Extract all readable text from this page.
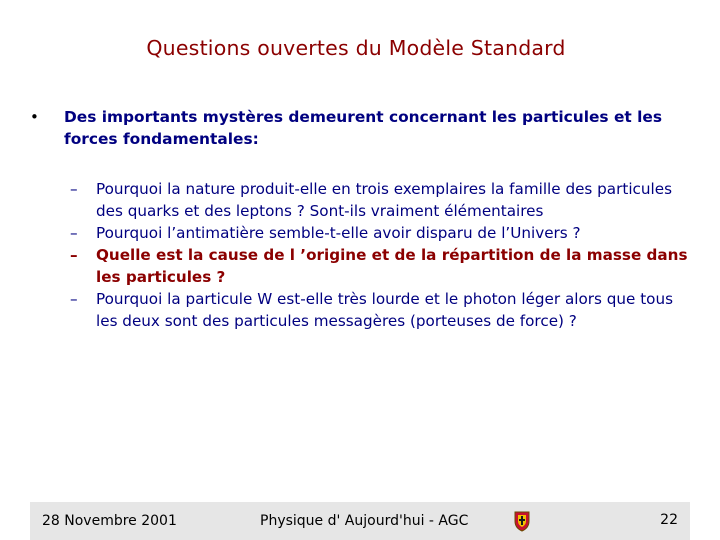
Questions ouvertes du Modèle Standard
• Des importants mystères demeurent concernant les particules et les forces fondamentales:
– Pourquoi la nature produit-elle en trois exemplaires la famille des particules des quarks et des leptons ? Sont-ils vraiment élémentaires
– Pourquoi l’antimatière semble-t-elle avoir disparu de l’Univers ?
– Quelle est la cause de l ’origine et de la répartition de la masse dans les particules ?
– Pourquoi la particule W est-elle très lourde et le photon léger alors que tous les deux sont des particules messagères (porteuses de force) ?
28 Novembre 2001	Physique d' Aujourd'hui - AGC	22
